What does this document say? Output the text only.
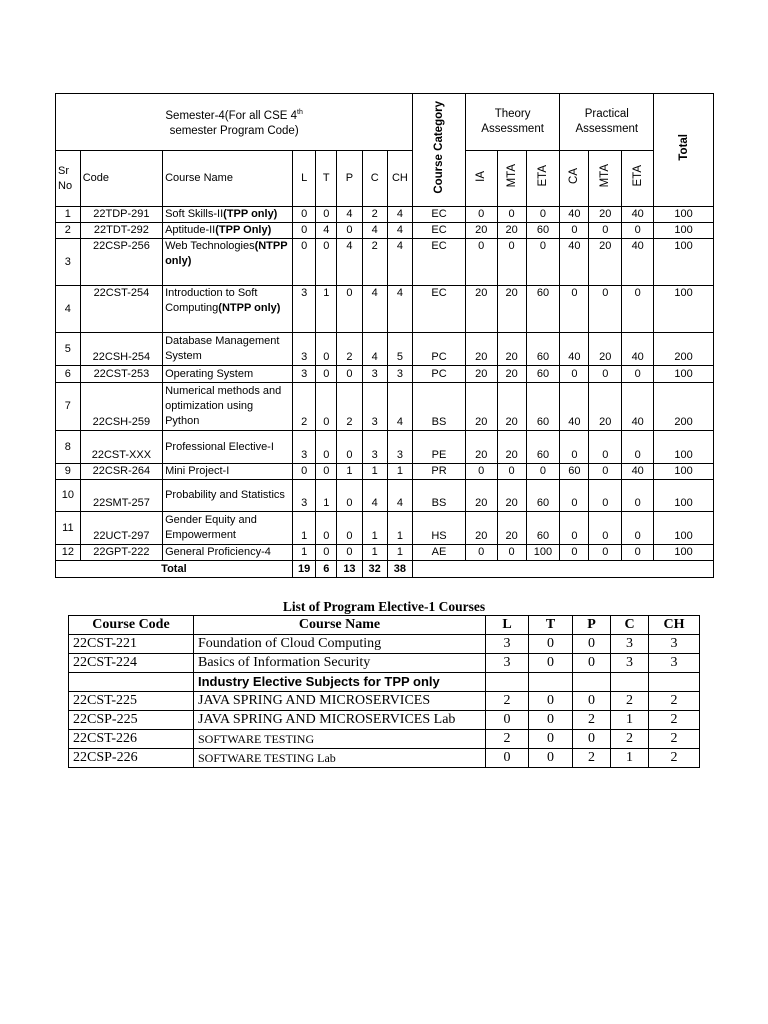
Semester-4(For all CSE 4th
semester Program Code)								Course Category	Theory Assessment			Practical Assessment			Total
Sr No	Code	Course Name	L	T	P	C	CH		IA	MTA	ETA	CA	MTA	ETA	
1	22TDP-291	Soft Skills-II(TPP only)	0	0	4	2	4	EC	0	0	0	40	20	40	100
2	22TDT-292	Aptitude-II(TPP Only)	0	4	0	4	4	EC	20	20	60	0	0	0	100
3	22CSP-256	Web Technologies(NTPP only)	0	0	4	2	4	EC	0	0	0	40	20	40	100
4	22CST-254	Introduction to Soft Computing(NTPP only)	3	1	0	4	4	EC	20	20	60	0	0	0	100
5	22CSH-254	Database Management System	3	0	2	4	5	PC	20	20	60	40	20	40	200
6	22CST-253	Operating System	3	0	0	3	3	PC	20	20	60	0	0	0	100
7	22CSH-259	Numerical methods and optimization using Python	2	0	2	3	4	BS	20	20	60	40	20	40	200
8	22CST-XXX	Professional Elective-I	3	0	0	3	3	PE	20	20	60	0	0	0	100
9	22CSR-264	Mini Project-I	0	0	1	1	1	PR	0	0	0	60	0	40	100
10	22SMT-257	Probability and Statistics	3	1	0	4	4	BS	20	20	60	0	0	0	100
11	22UCT-297	Gender Equity and Empowerment	1	0	0	1	1	HS	20	20	60	0	0	0	100
12	22GPT-222	General Proficiency-4	1	0	0	1	1	AE	0	0	100	0	0	0	100
Total			19	6	13	32	38								
List of Program Elective-1 Courses
Course Code	Course Name	L	T	P	C	CH
22CST-221	Foundation of Cloud Computing	3	0	0	3	3
22CST-224	Basics of Information Security	3	0	0	3	3
	Industry Elective Subjects for TPP only					
22CST-225	JAVA SPRING AND MICROSERVICES	2	0	0	2	2
22CSP-225	JAVA SPRING AND MICROSERVICES Lab	0	0	2	1	2
22CST-226	SOFTWARE TESTING	2	0	0	2	2
22CSP-226	SOFTWARE TESTING Lab	0	0	2	1	2
